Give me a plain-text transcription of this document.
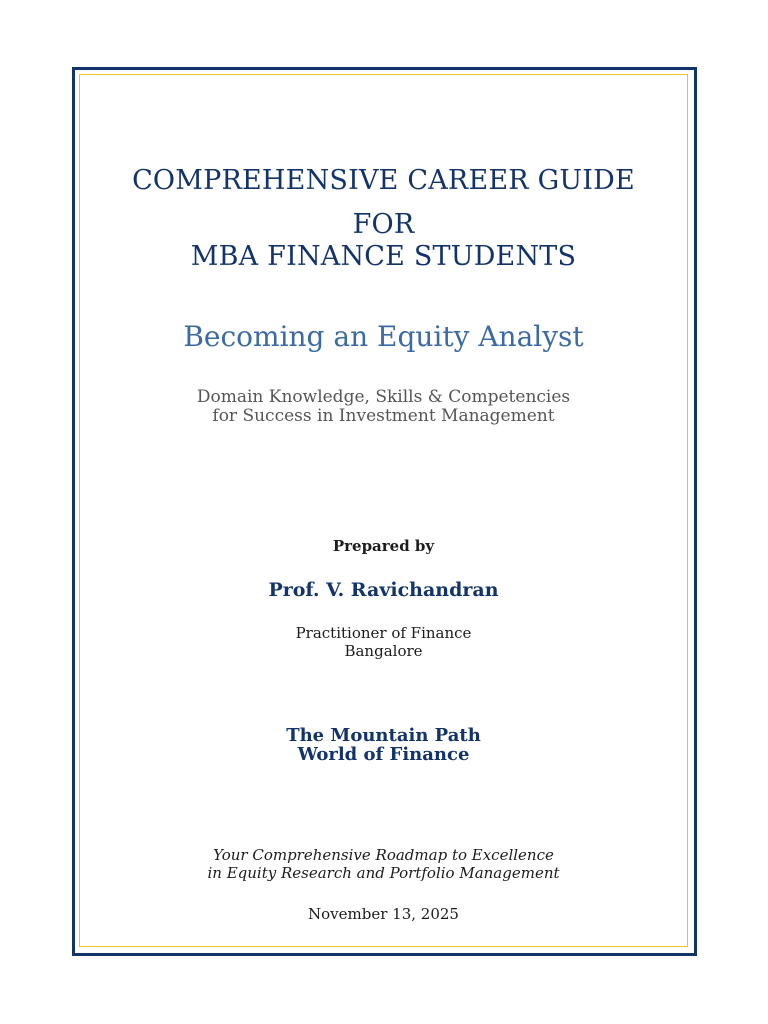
COMPREHENSIVE CAREER GUIDE
FOR
MBA FINANCE STUDENTS
Becoming an Equity Analyst
Domain Knowledge, Skills & Competencies
for Success in Investment Management
Prepared by
Prof. V. Ravichandran
Practitioner of Finance
Bangalore
The Mountain Path
World of Finance
Your Comprehensive Roadmap to Excellence
in Equity Research and Portfolio Management
November 13, 2025
